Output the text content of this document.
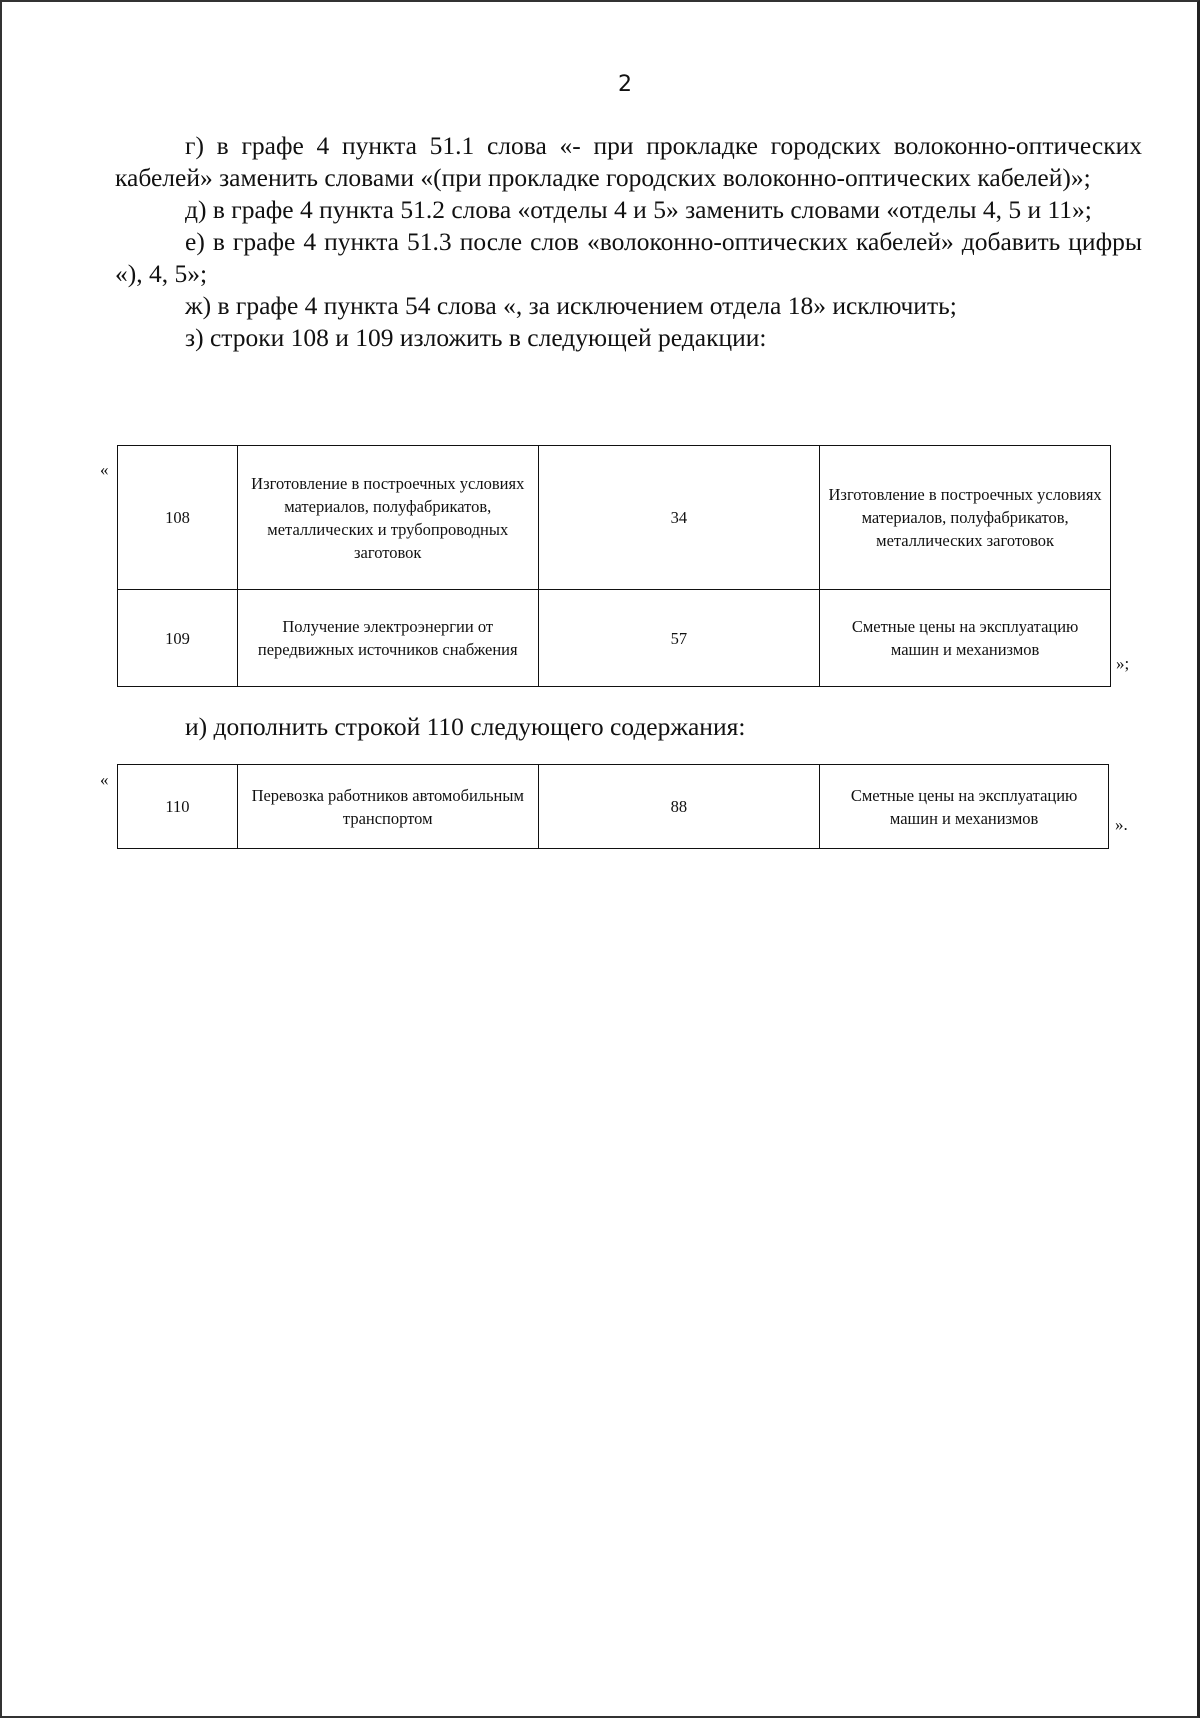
2

г) в графе 4 пункта 51.1 слова «- при прокладке городских волоконно-оптических кабелей» заменить словами «(при прокладке городских волоконно-оптических кабелей)»;

д) в графе 4 пункта 51.2 слова «отделы 4 и 5» заменить словами «отделы 4, 5 и 11»;

е) в графе 4 пункта 51.3 после слов «волоконно-оптических кабелей» добавить цифры «), 4, 5»;

ж) в графе 4 пункта 54 слова «, за исключением отдела 18» исключить;

з) строки 108 и 109 изложить в следующей редакции:

«
108	Изготовление в построечных условиях материалов, полуфабрикатов, металлических и трубопроводных заготовок	34	Изготовление в построечных условиях материалов, полуфабрикатов, металлических заготовок
109	Получение электроэнергии от передвижных источников снабжения	57	Сметные цены на эксплуатацию машин и механизмов
»;
и) дополнить строкой 110 следующего содержания:
«
110	Перевозка работников автомобильным транспортом	88	Сметные цены на эксплуатацию машин и механизмов	».
